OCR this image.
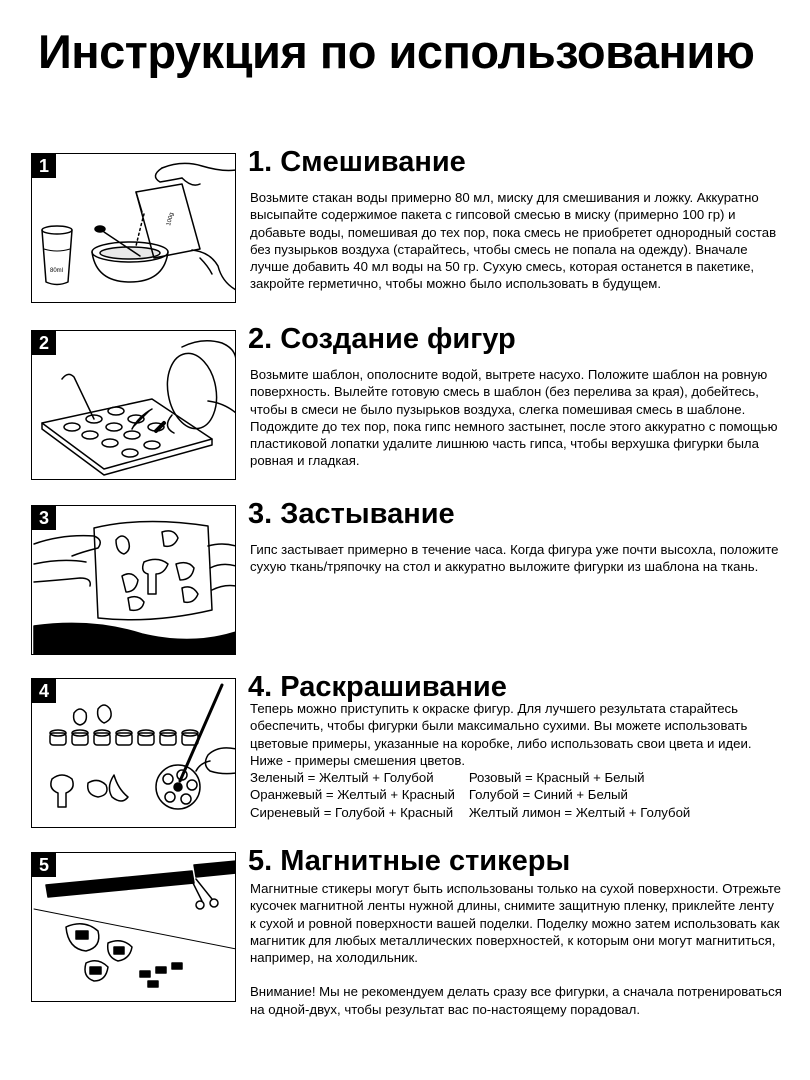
Инструкция по использованию
1
80ml
100g
1. Смешивание

Возьмите стакан воды примерно 80 мл, миску для смешивания и ложку. Аккуратно высыпайте содержимое пакета с гипсовой смесью в миску (примерно 100 гр) и добавьте воды, помешивая до тех пор, пока смесь не приобретет однородный состав без пузырьков воздуха (старайтесь, чтобы смесь не попала на одежду). Вначале лучше добавить 40 мл воды на 50 гр. Сухую смесь, которая останется в пакетике, закройте герметично, чтобы можно было использовать в будущем.

2	2. Создание фигур

Возьмите шаблон, ополосните водой, вытрете насухо. Положите шаблон на ровную поверхность. Вылейте готовую смесь в шаблон (без перелива за края), добейтесь, чтобы в смеси не было пузырьков воздуха, слегка помешивая смесь в шаблоне. Подождите до тех пор, пока гипс немного застынет, после этого аккуратно с помощью пластиковой лопатки удалите лишнюю часть гипса, чтобы верхушка фигурки была ровная и гладкая.

3	3. Застывание

Гипс застывает примерно в течение часа. Когда фигура уже почти высохла, положите сухую ткань/тряпочку на стол и аккуратно выложите фигурки из шаблона на ткань.

4	4. Раскрашивание

Теперь можно приступить к окраске фигур. Для лучшего результата старайтесь обеспечить, чтобы фигурки были максимально сухими. Вы можете использовать цветовые примеры, указанные на коробке, либо использовать свои цвета и идеи. Ниже - примеры смешения цветов.

Зеленый = Желтый + Голубой	Розовый = Красный + Белый
Оранжевый = Желтый + Красный	Голубой = Синий + Белый
Сиреневый = Голубой + Красный	Желтый лимон = Желтый + Голубой
5	5. Магнитные стикеры

Магнитные стикеры могут быть использованы только на сухой поверхности. Отрежьте кусочек магнитной ленты нужной длины, снимите защитную пленку, приклейте ленту к сухой и ровной поверхности вашей поделки. Поделку можно затем использовать как магнитик для любых металлических поверхностей, к которым они могут магнититься, например, на холодильник.

Внимание! Мы не рекомендуем делать сразу все фигурки, а сначала потренироваться на одной-двух, чтобы результат вас по-настоящему порадовал.
